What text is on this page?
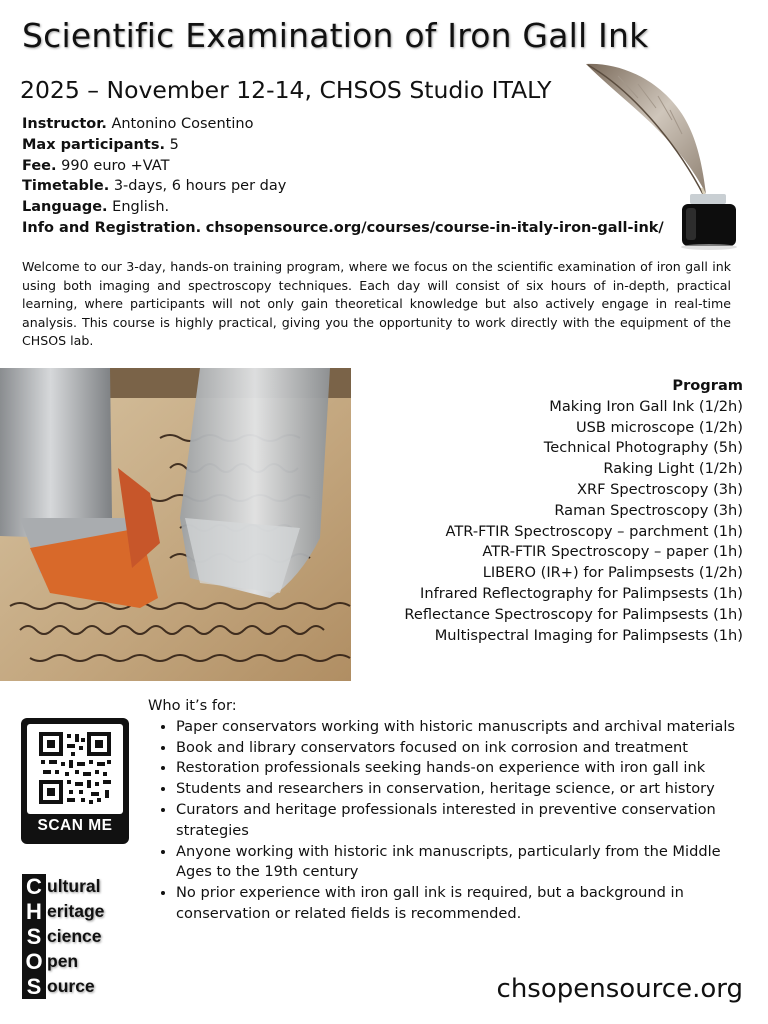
Scientific Examination of Iron Gall Ink
2025 – November 12-14, CHSOS Studio ITALY
Instructor. Antonino Cosentino
Max participants. 5
Fee. 990 euro +VAT
Timetable. 3-days, 6 hours per day
Language. English.
Info and Registration. chsopensource.org/courses/course-in-italy-iron-gall-ink/
Welcome to our 3-day, hands-on training program, where we focus on the scientific examination of iron gall ink using both imaging and spectroscopy techniques. Each day will consist of six hours of in-depth, practical learning, where participants will not only gain theoretical knowledge but also actively engage in real-time analysis. This course is highly practical, giving you the opportunity to work directly with the equipment of the CHSOS lab.
Program
Making Iron Gall Ink (1/2h)
USB microscope (1/2h)
Technical Photography (5h)
Raking Light (1/2h)
XRF Spectroscopy (3h)
Raman Spectroscopy (3h)
ATR-FTIR Spectroscopy – parchment (1h)
ATR-FTIR Spectroscopy – paper (1h)
LIBERO (IR+) for Palimpsests (1/2h)
Infrared Reflectography for Palimpsests (1h)
Reflectance Spectroscopy for Palimpsests (1h)
Multispectral Imaging for Palimpsests (1h)
SCAN ME
Who it’s for:
• Paper conservators working with historic manuscripts and archival materials
• Book and library conservators focused on ink corrosion and treatment
• Restoration professionals seeking hands-on experience with iron gall ink
• Students and researchers in conservation, heritage science, or art history
• Curators and heritage professionals interested in preventive conservation strategies
• Anyone working with historic ink manuscripts, particularly from the Middle Ages to the 19th century
• No prior experience with iron gall ink is required, but a background in conservation or related fields is recommended.
C ultural
H eritage
S cience
O pen
S ource	chsopensource.org
